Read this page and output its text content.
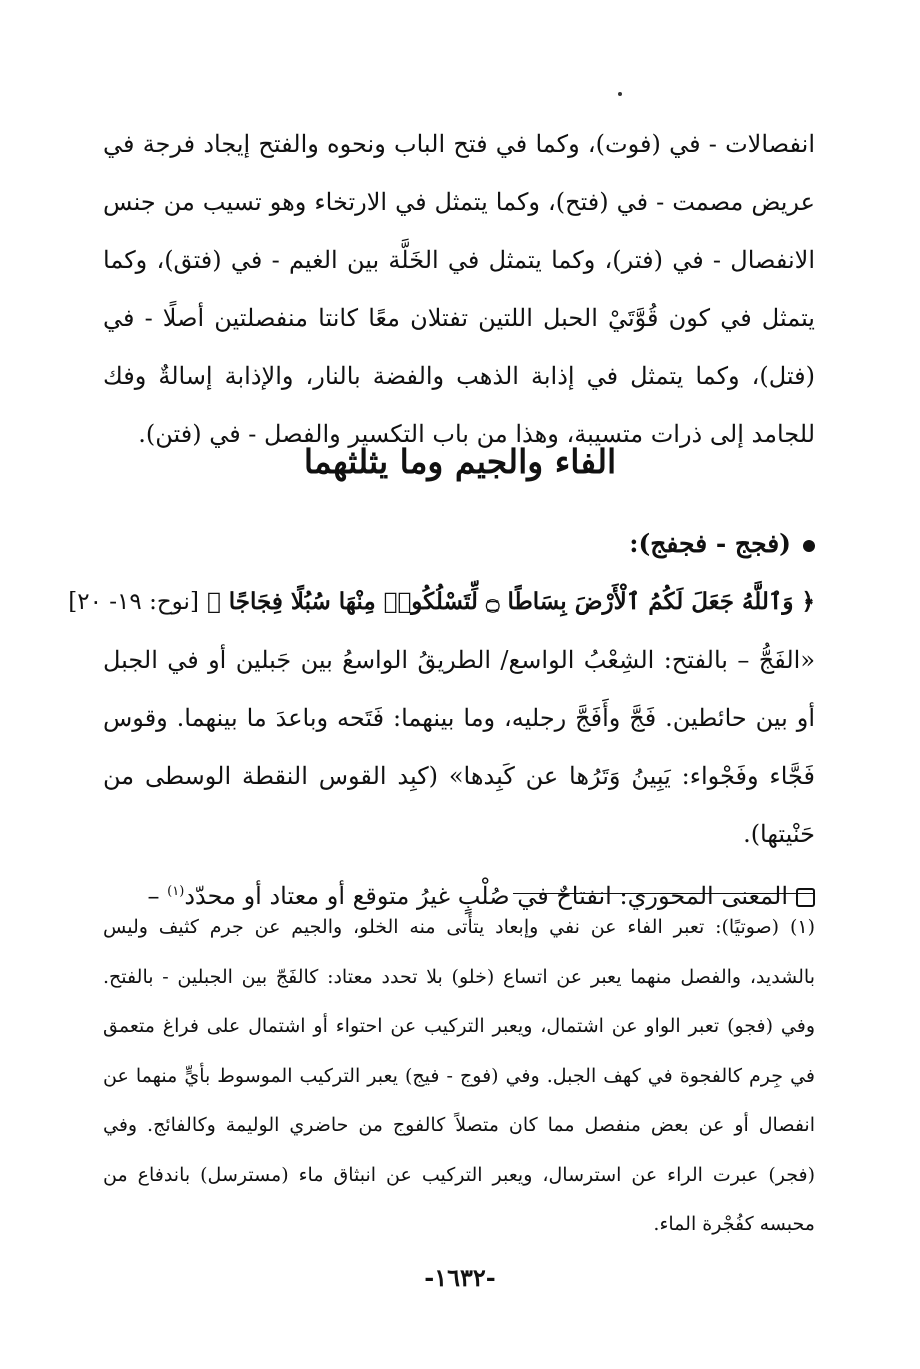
انفصالات - في (فوت)، وكما في فتح الباب ونحوه والفتح إيجاد فرجة في عريض مصمت - في (فتح)، وكما يتمثل في الارتخاء وهو تسيب من جنس الانفصال - في (فتر)، وكما يتمثل في الخَلَّة بين الغيم - في (فتق)، وكما يتمثل في كون قُوَّتَيْ الحبل اللتين تفتلان معًا كانتا منفصلتين أصلًا - في (فتل)، وكما يتمثل في إذابة الذهب والفضة بالنار، والإذابة إسالةٌ وفك للجامد إلى ذرات متسيبة، وهذا من باب التكسير والفصل - في (فتن).

الفاء والجيم وما يثلثهما

(فجج - فجفج):

﴿ وَٱللَّهُ جَعَلَ لَكُمُ ٱلْأَرْضَ بِسَاطًا ۝ لِّتَسْلُكُوا۟ مِنْهَا سُبُلًا فِجَاجًا ﴾ [نوح: ١٩- ٢٠]

«الفَجُّ – بالفتح: الشِعْبُ الواسع/ الطريقُ الواسعُ بين جَبلين أو في الجبل أو بين حائطين. فَجَّ وأَفَجَّ رجليه، وما بينهما: فَتَحه وباعدَ ما بينهما. وقوس فَجَّاء وفَجْواء: يَبِينُ وَتَرُها عن كَبِدها» (كبِد القوس النقطة الوسطى من حَنْيتها).

المعنى المحوري: انفتاحٌ في صُلْبٍ غيرُ متوقع أو معتاد أو محدّد$^{(١)}$ –

(١) (صوتيًا): تعبر الفاء عن نفي وإبعاد يتأتى منه الخلو، والجيم عن جرم كثيف وليس بالشديد، والفصل منهما يعبر عن اتساع (خلو) بلا تحدد معتاد: كالفَجّ بين الجبلين - بالفتح. وفي (فجو) تعبر الواو عن اشتمال، ويعبر التركيب عن احتواء أو اشتمال على فراغ متعمق في جِرم كالفجوة في كهف الجبل. وفي (فوج - فيج) يعبر التركيب الموسوط بأيٍّ منهما عن انفصال أو عن بعض منفصل مما كان متصلاً كالفوج من حاضري الوليمة وكالفائج. وفي (فجر) عبرت الراء عن استرسال، ويعبر التركيب عن انبثاق ماء (مسترسل) باندفاع من محبسه كفُجْرة الماء.

-١٦٣٢-
